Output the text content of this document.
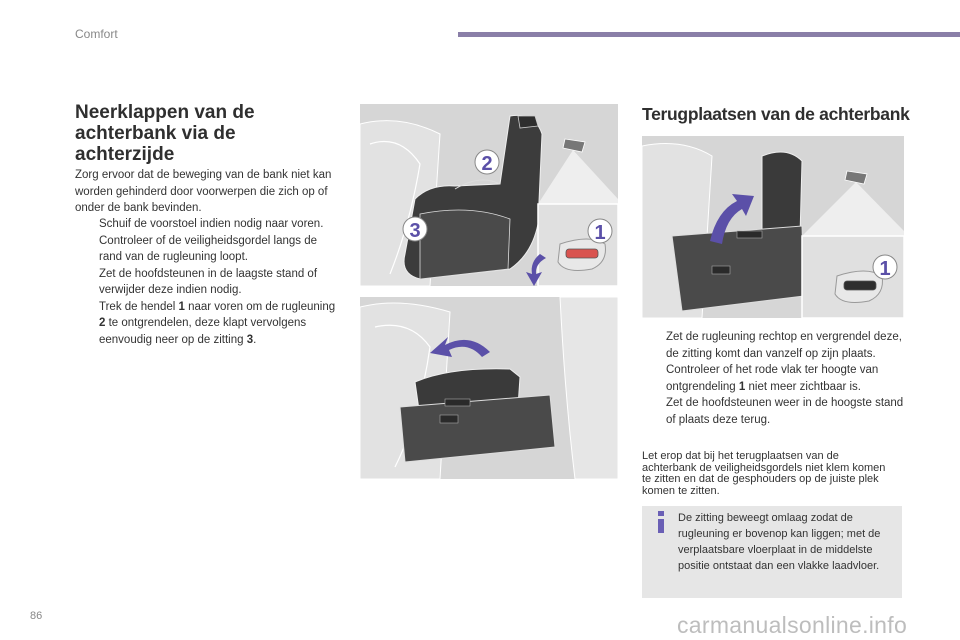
Comfort
Neerklappen van de achterbank via de achterzijde
Zorg ervoor dat de beweging van de bank niet kan worden gehinderd door voorwerpen die zich op of onder de bank bevinden.
Schuif de voorstoel indien nodig naar voren.
Controleer of de veiligheidsgordel langs de rand van de rugleuning loopt.
Zet de hoofdsteunen in de laagste stand of verwijder deze indien nodig.
Trek de hendel 1 naar voren om de rugleuning 2 te ontgrendelen, deze klapt vervolgens eenvoudig neer op de zitting 3.
2
3	1
Terugplaatsen van de achterbank
1
Zet de rugleuning rechtop en vergrendel deze, de zitting komt dan vanzelf op zijn plaats.
Controleer of het rode vlak ter hoogte van ontgrendeling 1 niet meer zichtbaar is.
Zet de hoofdsteunen weer in de hoogste stand of plaats deze terug.
Let erop dat bij het terugplaatsen van de achterbank de veiligheidsgordels niet klem komen te zitten en dat de gesphouders op de juiste plek komen te zitten.
De zitting beweegt omlaag zodat de rugleuning er bovenop kan liggen; met de verplaatsbare vloerplaat in de middelste positie ontstaat dan een vlakke laadvloer.
86	carmanualsonline.info
